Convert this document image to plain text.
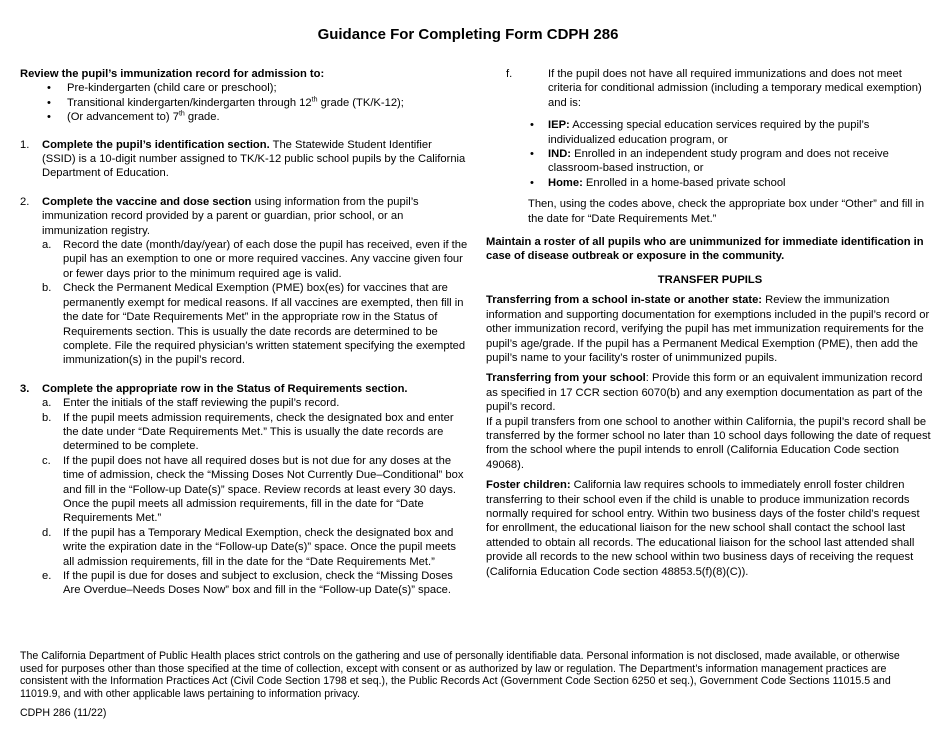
Guidance For Completing Form CDPH 286

Review the pupil’s immunization record for admission to:

• Pre-kindergarten (child care or preschool);
• Transitional kindergarten/kindergarten through 12th grade (TK/K-12);
• (Or advancement to) 7th grade.
1.	Complete the pupil’s identification section. The Statewide Student Identifier (SSID) is a 10-digit number assigned to TK/K-12 public school pupils by the California Department of Education.
2.	Complete the vaccine and dose section using information from the pupil’s immunization record provided by a parent or guardian, prior school, or an immunization registry.
a.	Record the date (month/day/year) of each dose the pupil has received, even if the pupil has an exemption to one or more required vaccines. Any vaccine given four or fewer days prior to the minimum required age is valid.
b.	Check the Permanent Medical Exemption (PME) box(es) for vaccines that are permanently exempt for medical reasons. If all vaccines are exempted, then fill in the date for “Date Requirements Met” in the appropriate row in the Status of Requirements section. This is usually the date records are determined to be complete. File the required physician’s written statement specifying the exempted immunization(s) in the pupil’s record.
3.	Complete the appropriate row in the Status of Requirements section.
a.	Enter the initials of the staff reviewing the pupil’s record.
b.	If the pupil meets admission requirements, check the designated box and enter the date under “Date Requirements Met.” This is usually the date records are determined to be complete.
c.	If the pupil does not have all required doses but is not due for any doses at the time of admission, check the “Missing Doses Not Currently Due–Conditional” box and fill in the “Follow-up Date(s)” space. Review records at least every 30 days. Once the pupil meets all admission requirements, fill in the date for “Date Requirements Met.”
d.	If the pupil has a Temporary Medical Exemption, check the designated box and write the expiration date in the “Follow-up Date(s)” space. Once the pupil meets all admission requirements, fill in the date for the “Date Requirements Met.”
e.	If the pupil is due for doses and subject to exclusion, check the “Missing Doses Are Overdue–Needs Doses Now” box and fill in the “Follow-up Date(s)” space.
f.	If the pupil does not have all required immunizations and does not meet criteria for conditional admission (including a temporary medical exemption) and is:
• IEP: Accessing special education services required by the pupil’s individualized education program, or
• IND: Enrolled in an independent study program and does not receive classroom-based instruction, or
• Home: Enrolled in a home-based private school

Then, using the codes above, check the appropriate box under “Other” and fill in the date for “Date Requirements Met.”

Maintain a roster of all pupils who are unimmunized for immediate identification in case of disease outbreak or exposure in the community.

TRANSFER PUPILS

Transferring from a school in-state or another state: Review the immunization information and supporting documentation for exemptions included in the pupil’s record or other immunization record, verifying the pupil has met immunization requirements for the pupil’s age/grade. If the pupil has a Permanent Medical Exemption (PME), then add the pupil’s name to your facility’s roster of unimmunized pupils.

Transferring from your school: Provide this form or an equivalent immunization record as specified in 17 CCR section 6070(b) and any exemption documentation as part of the pupil’s record.

If a pupil transfers from one school to another within California, the pupil’s record shall be transferred by the former school no later than 10 school days following the date of request from the school where the pupil intends to enroll (California Education Code section 49068).

Foster children: California law requires schools to immediately enroll foster children transferring to their school even if the child is unable to produce immunization records normally required for school entry. Within two business days of the foster child’s request for enrollment, the educational liaison for the new school shall contact the school last attended to obtain all records. The educational liaison for the school last attended shall provide all records to the new school within two business days of receiving the request (California Education Code section 48853.5(f)(8)(C)).

The California Department of Public Health places strict controls on the gathering and use of personally identifiable data. Personal information is not disclosed, made available, or otherwise used for purposes other than those specified at the time of collection, except with consent or as authorized by law or regulation. The Department’s information management practices are consistent with the Information Practices Act (Civil Code Section 1798 et seq.), the Public Records Act (Government Code Section 6250 et seq.), Government Code Sections 11015.5 and 11019.9, and with other applicable laws pertaining to information privacy.
CDPH 286 (11/22)
